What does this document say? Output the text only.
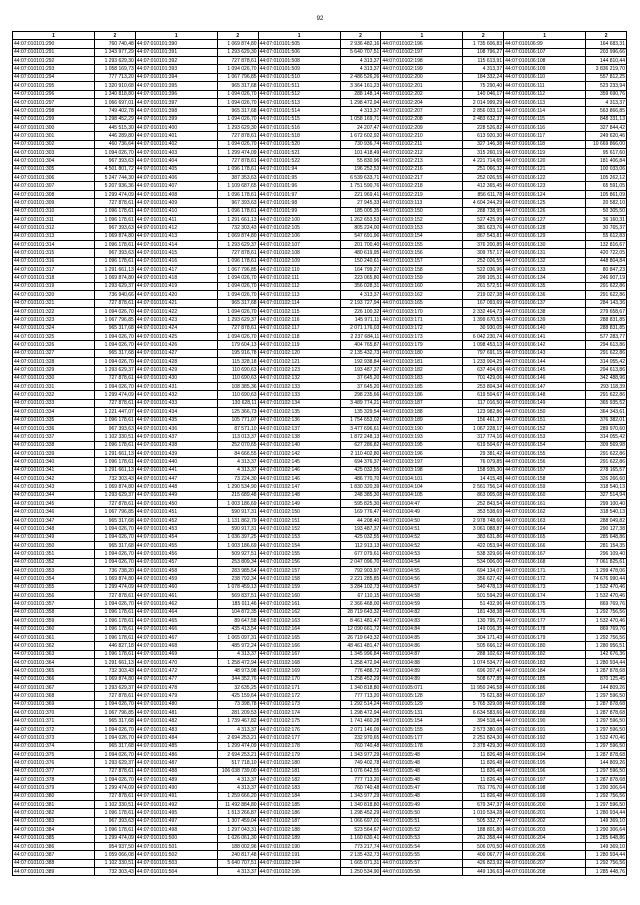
92
1	2	1	2	1	2	1	2	1	2
44:07:010101:290	760 740,48	44:07:010101:390	1 069 874,80	44:07:010101:505	2 936 482,16	44:07:010102:196	1 735 606,83	44:07:010106:99	164 683,31
44:07:010101:291	1 343 977,29	44:07:010101:391	1 293 629,30	44:07:010101:506	5 640 707,51	44:07:010102:197	108 796,27	44:07:010106:107	203 996,66
44:07:010101:292	1 293 629,30	44:07:010101:392	727 878,61	44:07:010101:508	4 313,37	44:07:010102:198	115 613,91	44:07:010106:108	144 810,44
44:07:010101:293	1 058 169,73	44:07:010101:393	1 094 026,70	44:07:010101:509	4 313,37	44:07:010102:199	4 313,37	44:07:010106:109	3 836 219,70
44:07:010101:294	777 713,20	44:07:010101:394	1 067 796,85	44:07:010101:510	2 486 526,26	44:07:010102:200	184 332,24	44:07:010106:110	557 812,25
44:07:010101:295	1 320 910,68	44:07:010101:395	965 317,68	44:07:010101:511	3 364 161,23	44:07:010102:201	75 290,40	44:07:010106:111	523 233,94
44:07:010101:296	1 340 818,80	44:07:010101:396	1 094 026,70	44:07:010101:512	288 148,14	44:07:010102:202	140 046,17	44:07:010106:112	359 690,76
44:07:010101:297	1 066 697,01	44:07:010101:397	1 094 026,70	44:07:010101:513	1 298 472,94	44:07:010102:204	2 014 999,29	44:07:010106:113	4 313,37
44:07:010101:298	749 402,78	44:07:010101:398	965 317,68	44:07:010101:514	4 313,37	44:07:010102:207	2 856 033,12	44:07:010106:114	563 866,85
44:07:010101:299	1 298 452,29	44:07:010101:399	1 094 026,70	44:07:010101:515	1 058 169,71	44:07:010102:208	2 483 632,37	44:07:010106:115	848 331,13
44:07:010101:300	445 515,30	44:07:010101:400	1 293 629,30	44:07:010101:516	24 207,47	44:07:010102:209	228 526,82	44:07:010106:116	327 844,42
44:07:010101:301	446 289,80	44:07:010101:401	727 878,61	44:07:010101:518	1 672 602,92	44:07:010102:210	613 920,30	44:07:010106:117	249 620,46
44:07:010101:302	460 736,64	44:07:010101:402	1 094 026,70	44:07:010101:520	730 936,74	44:07:010102:211	327 146,38	44:07:010106:118	10 669 866,00
44:07:010101:303	1 094 026,70	44:07:010101:403	1 299 474,09	44:07:010101:521	101 418,49	44:07:010102:212	315 260,19	44:07:010106:119	95 617,60
44:07:010101:304	967 393,63	44:07:010101:404	727 878,61	44:07:010101:522	55 830,96	44:07:010102:213	4 221 714,65	44:07:010106:120	181 406,84
44:07:010101:305	4 501 801,72	44:07:010101:405	1 096 178,61	44:07:010101:94	196 252,53	44:07:010102:216	251 066,32	44:07:010106:121	100 033,06
44:07:010101:306	5 247 744,30	44:07:010101:406	387 353,63	44:07:010101:95	6 539 633,71	44:07:010102:217	252 026,55	44:07:010106:122	105 262,12
44:07:010101:307	5 207 936,36	44:07:010101:407	1 109 687,65	44:07:010101:96	1 751 590,76	44:07:010102:218	412 365,45	44:07:010106:123	65 591,05
44:07:010101:308	1 299 474,09	44:07:010101:408	1 096 178,61	44:07:010101:97	221 969,41	44:07:010102:219	856 611,78	44:07:010106:124	105 861,09
44:07:010101:309	727 878,61	44:07:010101:409	967 393,63	44:07:010101:98	27 945,33	44:07:010103:113	4 604 244,29	44:07:010106:125	20 582,10
44:07:010101:310	1 096 178,61	44:07:010101:410	1 096 178,61	44:07:010101:99	185 005,35	44:07:010103:150	288 738,95	44:07:010106:126	50 305,50
44:07:010101:311	1 096 178,61	44:07:010101:411	1 291 661,13	44:07:010102:100	1 262 653,53	44:07:010103:152	527 425,99	44:07:010106:127	36 160,31
44:07:010101:312	967 393,63	44:07:010101:412	732 303,43	44:07:010102:105	805 224,00	44:07:010103:153	381 623,76	44:07:010106:128	30 765,37
44:07:010101:313	1 069 874,80	44:07:010101:413	1 069 874,80	44:07:010102:106	547 691,96	44:07:010103:154	867 543,81	44:07:010106:129	55 612,83
44:07:010101:314	1 096 178,61	44:07:010101:414	1 293 629,37	44:07:010102:107	201 700,40	44:07:010103:155	376 200,85	44:07:010106:130	132 816,67
44:07:010101:315	967 393,63	44:07:010101:415	727 878,61	44:07:010102:108	480 619,95	44:07:010103:156	309 757,17	44:07:010106:131	420 722,05
44:07:010101:316	1 096 178,61	44:07:010101:416	1 096 178,61	44:07:010102:109	150 240,61	44:07:010103:157	252 026,55	44:07:010106:132	448 804,84
44:07:010101:317	1 291 661,13	44:07:010101:417	1 067 796,85	44:07:010102:110	164 799,27	44:07:010103:158	522 036,96	44:07:010106:133	80 847,23
44:07:010101:318	1 069 874,80	44:07:010101:418	1 094 026,70	44:07:010102:111	223 065,80	44:07:010103:159	299 105,31	44:07:010106:134	246 907,19
44:07:010101:319	1 293 629,37	44:07:010101:419	1 094 026,70	44:07:010102:112	356 028,31	44:07:010103:160	261 572,51	44:07:010106:135	291 622,86
44:07:010101:320	736 940,66	44:07:010101:420	1 094 026,70	44:07:010102:113	4 313,37	44:07:010103:162	219 027,38	44:07:010106:136	291 622,86
44:07:010101:321	727 878,61	44:07:010101:421	965 317,68	44:07:010102:114	2 193 727,94	44:07:010103:165	167 093,69	44:07:010106:137	284 143,36
44:07:010101:322	1 094 026,70	44:07:010101:422	1 094 026,70	44:07:010102:115	226 100,32	44:07:010103:170	2 332 464,73	44:07:010106:138	279 658,67
44:07:010101:323	1 067 796,85	44:07:010101:423	1 293 629,37	44:07:010102:116	145 971,11	44:07:010103:171	1 399 670,53	44:07:010106:139	288 831,85
44:07:010101:324	965 317,68	44:07:010101:424	727 878,61	44:07:010102:117	2 071 176,03	44:07:010103:172	30 930,05	44:07:010106:140	288 831,85
44:07:010101:325	1 094 026,70	44:07:010101:425	1 094 026,70	44:07:010102:118	2 237 684,11	44:07:010103:173	6 042 230,74	44:07:010106:141	577 283,77
44:07:010101:326	1 094 026,70	44:07:010101:426	179 604,13	44:07:010102:119	404 765,87	44:07:010103:179	1 098 453,13	44:07:010106:142	294 613,86
44:07:010101:327	965 317,68	44:07:010101:427	195 916,78	44:07:010102:120	2 135 432,73	44:07:010103:180	797 691,15	44:07:010106:143	291 622,86
44:07:010101:328	1 094 026,70	44:07:010101:428	115 328,18	44:07:010102:121	192 938,84	44:07:010103:181	1 233 904,25	44:07:010106:144	314 055,42
44:07:010101:329	1 293 629,37	44:07:010101:429	110 690,63	44:07:010102:123	193 487,37	44:07:010103:182	637 404,69	44:07:010106:145	294 613,86
44:07:010101:330	727 878,61	44:07:010101:430	110 690,63	44:07:010102:132	37 645,20	44:07:010103:183	701 429,06	44:07:010106:146	342 488,96
44:07:010101:331	1 094 026,70	44:07:010101:431	108 385,36	44:07:010102:133	37 645,20	44:07:010103:185	253 804,34	44:07:010106:147	293 118,39
44:07:010101:332	1 299 474,09	44:07:010101:432	110 690,63	44:07:010102:133	298 235,66	44:07:010103:186	619 504,67	44:07:010106:148	291 622,86
44:07:010101:333	727 878,61	44:07:010101:433	130 628,11	44:07:010102:134	3 489 774,21	44:07:010103:187	117 016,50	44:07:010106:149	365 935,52
44:07:010101:334	1 221 447,07	44:07:010101:434	125 366,73	44:07:010102:135	135 329,54	44:07:010103:188	123 982,86	44:07:010106:150	364 343,61
44:07:010101:335	1 096 178,61	44:07:010101:435	105 771,07	44:07:010102:136	1 754 653,02	44:07:010103:189	156 461,37	44:07:010106:151	376 382,01
44:07:010101:336	967 393,63	44:07:010101:436	87 571,10	44:07:010102:137	3 477 696,61	44:07:010103:190	1 067 228,17	44:07:010106:152	289 970,60
44:07:010101:337	1 102 330,51	44:07:010101:437	113 013,37	44:07:010102:138	1 872 248,13	44:07:010103:193	317 774,16	44:07:010106:153	314 055,42
44:07:010101:338	1 096 178,61	44:07:010101:438	252 070,65	44:07:010102:140	627 286,82	44:07:010103:195	619 504,67	44:07:010106:154	309 569,98
44:07:010101:339	1 291 661,13	44:07:010101:439	84 666,55	44:07:010102:142	2 110 402,80	44:07:010103:196	29 381,42	44:07:010106:155	291 622,86
44:07:010101:340	1 096 178,61	44:07:010101:440	4 313,37	44:07:010102:145	694 376,37	44:07:010103:197	76 079,85	44:07:010106:156	291 622,86
44:07:010101:341	1 291 661,13	44:07:010101:441	4 313,37	44:07:010102:146	425 032,55	44:07:010103:198	158 935,30	44:07:010106:157	278 165,57
44:07:010101:342	732 303,43	44:07:010101:447	73 224,30	44:07:010102:146	486 770,70	44:07:010104:101	14 415,48	44:07:010106:158	326 266,60
44:07:010101:343	1 069 874,80	44:07:010101:448	1 290 534,90	44:07:010102:147	1 830 320,39	44:07:010104:104	2 561 756,14	44:07:010106:159	318 540,13
44:07:010101:344	1 293 629,37	44:07:010101:449	215 689,48	44:07:010102:148	248 385,30	44:07:010104:105	863 005,08	44:07:010106:160	327 514,94
44:07:010101:345	727 878,61	44:07:010101:450	1 003 186,69	44:07:010102:149	595 825,30	44:07:010104:47	252 843,54	44:07:010106:161	299 100,40
44:07:010101:346	1 067 796,85	44:07:010101:451	590 917,31	44:07:010102:150	169 776,47	44:07:010104:49	353 538,69	44:07:010106:162	318 540,13
44:07:010101:347	965 317,68	44:07:010101:452	1 131 862,79	44:07:010102:151	44 208,40	44:07:010104:50	2 978 748,60	44:07:010106:163	288 049,82
44:07:010101:348	1 094 026,70	44:07:010101:453	590 917,31	44:07:010102:152	193 487,37	44:07:010104:51	3 061 088,87	44:07:010106:164	290 127,38
44:07:010101:349	1 094 026,70	44:07:010101:454	1 036 397,25	44:07:010102:153	425 032,55	44:07:010104:52	383 631,86	44:07:010106:165	285 648,86
44:07:010101:350	965 317,68	44:07:010101:455	1 003 186,69	44:07:010102:154	112 913,13	44:07:010104:52	422 053,94	44:07:010106:166	281 154,35
44:07:010101:351	1 094 026,70	44:07:010101:456	509 927,51	44:07:010102:155	677 079,61	44:07:010104:53	538 329,66	44:07:010106:167	296 109,40
44:07:010101:352	1 094 026,70	44:07:010101:457	253 809,34	44:07:010102:156	2 047 096,70	44:07:010104:54	534 006,00	44:07:010106:168	7 061 825,61
44:07:010101:353	736 738,20	44:07:010101:458	283 985,54	44:07:010102:157	792 903,97	44:07:010104:55	694 134,07	44:07:010106:171	1 299 478,06
44:07:010101:354	1 069 874,80	44:07:010101:459	238 792,34	44:07:010102:158	2 221 285,85	44:07:010104:56	356 627,42	44:07:010106:172	74 676 990,44
44:07:010101:355	1 299 474,09	44:07:010101:460	1 078 459,13	44:07:010102:159	3 284 102,73	44:07:010104:57	540 478,13	44:07:010106:173	1 532 470,46
44:07:010101:356	727 878,61	44:07:010101:461	569 837,51	44:07:010102:160	67 110,15	44:07:010104:58	501 594,29	44:07:010106:174	1 532 470,46
44:07:010101:357	1 094 026,70	44:07:010101:462	185 011,46	44:07:010102:161	2 366 468,00	44:07:010104:59	51 432,96	44:07:010106:175	869 769,76
44:07:010101:358	1 096 178,61	44:07:010101:464	104 872,35	44:07:010102:162	28 719 643,32	44:07:010104:82	181 438,38	44:07:010106:176	1 292 756,56
44:07:010101:359	1 096 178,61	44:07:010101:465	89 647,58	44:07:010102:163	8 461 481,47	44:07:010104:83	130 795,73	44:07:010106:177	1 532 470,46
44:07:010101:360	1 096 178,61	44:07:010101:466	435 413,54	44:07:010102:164	12 090 661,72	44:07:010104:84	149 016,35	44:07:010106:178	869 769,76
44:07:010101:361	1 096 178,61	44:07:010101:467	1 065 097,31	44:07:010102:165	26 719 643,32	44:07:010104:85	304 171,43	44:07:010106:179	1 292 756,56
44:07:010101:362	446 827,18	44:07:010101:468	485 972,24	44:07:010102:166	48 461 481,47	44:07:010104:86	505 666,12	44:07:010106:180	1 280 956,51
44:07:010101:363	1 096 178,61	44:07:010101:469	4 313,37	44:07:010102:167	1 345 996,84	44:07:010104:87	288 102,62	44:07:010106:182	142 676,36
44:07:010101:364	1 291 661,13	44:07:010101:470	1 258 472,94	44:07:010102:168	1 258 472,94	44:07:010104:88	1 074 534,77	44:07:010106:183	1 280 934,44
44:07:010101:365	732 303,43	44:07:010101:472	48 973,98	44:07:010102:169	776 488,72	44:07:010104:89	696 207,47	44:07:010106:184	1 287 878,68
44:07:010101:366	1 069 874,80	44:07:010101:477	344 352,76	44:07:010102:170	1 258 452,29	44:07:010104:89	508 677,85	44:07:010106:185	870 125,45
44:07:010101:367	1 293 629,37	44:07:010101:478	32 635,25	44:07:010102:171	1 340 818,80	44:07:010105:071	11 950 246,58	44:07:010106:186	144 809,26
44:07:010101:368	727 878,61	44:07:010101:479	425 159,64	44:07:010102:172	777 713,20	44:07:010105:128	75 621,88	44:07:010106:187	1 297 596,50
44:07:010101:369	1 094 026,70	44:07:010101:480	73 398,78	44:07:010102:173	1 292 514,24	44:07:010105:129	5 765 329,08	44:07:010106:188	1 287 878,68
44:07:010101:370	1 067 796,85	44:07:010101:481	281 209,53	44:07:010102:174	1 298 472,94	44:07:010105:131	6 634 583,66	44:07:010106:189	1 287 878,68
44:07:010101:371	965 317,68	44:07:010101:482	1 739 467,82	44:07:010102:175	1 741 460,28	44:07:010105:154	394 518,44	44:07:010106:190	1 297 596,50
44:07:010101:372	1 094 026,70	44:07:010101:483	4 313,37	44:07:010102:176	2 071 146,09	44:07:010105:155	2 573 380,08	44:07:010106:191	1 297 596,50
44:07:010101:373	1 094 026,70	44:07:010101:484	2 694 253,21	44:07:010102:177	232 970,65	44:07:010105:177	2 251 824,30	44:07:010106:192	1 532 470,46
44:07:010101:374	965 317,68	44:07:010101:485	1 299 474,09	44:07:010102:178	760 740,48	44:07:010105:178	2 378 429,30	44:07:010106:193	1 297 596,50
44:07:010101:375	1 094 026,70	44:07:010101:486	2 694 253,21	44:07:010102:179	1 343 977,29	44:07:010105:48	11 826,48	44:07:010106:194	1 287 878,68
44:07:010101:376	1 293 629,37	44:07:010101:487	517 718,10	44:07:010102:180	749 402,78	44:07:010105:48	11 826,48	44:07:010106:195	144 809,26
44:07:010101:377	727 878,61	44:07:010101:488	106 038 739,00	44:07:010102:181	1 076 642,55	44:07:010105:48	11 826,48	44:07:010106:196	1 297 596,50
44:07:010101:378	1 094 026,70	44:07:010101:489	4 313,37	44:07:010102:182	777 713,20	44:07:010105:48	11 826,48	44:07:010106:197	1 287 878,68
44:07:010101:379	1 299 474,09	44:07:010101:490	4 313,37	44:07:010102:183	760 740,48	44:07:010105:47	761 776,70	44:07:010106:198	1 290 306,64
44:07:010101:380	727 878,61	44:07:010101:491	1 259 666,20	44:07:010102:184	1 343 977,29	44:07:010105:48	11 826,48	44:07:010106:199	1 292 756,56
44:07:010101:381	1 102 330,51	44:07:010101:492	11 492 884,80	44:07:010102:185	1 340 818,80	44:07:010105:49	679 347,37	44:07:010106:200	1 297 596,50
44:07:010101:382	1 096 178,61	44:07:010101:495	1 513 266,87	44:07:010102:186	1 298 452,29	44:07:010105:50	1 010 534,28	44:07:010106:201	1 280 934,44
44:07:010101:383	967 393,63	44:07:010101:497	1 307 459,04	44:07:010102:187	1 066 697,01	44:07:010105:51	505 332,77	44:07:010106:202	149 369,10
44:07:010101:384	1 096 178,61	44:07:010101:498	1 297 043,31	44:07:010102:188	523 564,67	44:07:010105:52	188 801,80	44:07:010106:203	1 290 306,64
44:07:010101:385	1 299 474,09	44:07:010101:500	1 026 061,30	44:07:010102:189	1 160 630,41	44:07:010105:53	261 358,44	44:07:010106:204	1 285 648,86
44:07:010101:386	954 937,50	44:07:010101:501	188 002,96	44:07:010102:190	773 217,74	44:07:010105:54	506 070,50	44:07:010106:205	149 369,10
44:07:010101:387	1 059 066,08	44:07:010101:502	240 817,48	44:07:010102:191	2 135 432,73	44:07:010105:55	400 067,77	44:07:010106:206	1 280 934,44
44:07:010101:388	1 102 330,51	44:07:010101:503	5 640 707,51	44:07:010102:194	1 665 071,31	44:07:010105:57	426 823,92	44:07:010106:207	1 292 756,56
44:07:010101:389	732 303,43	44:07:010101:504	4 313,37	44:07:010102:195	1 250 534,90	44:07:010105:58	449 136,63	44:07:010106:208	1 285 448,76
